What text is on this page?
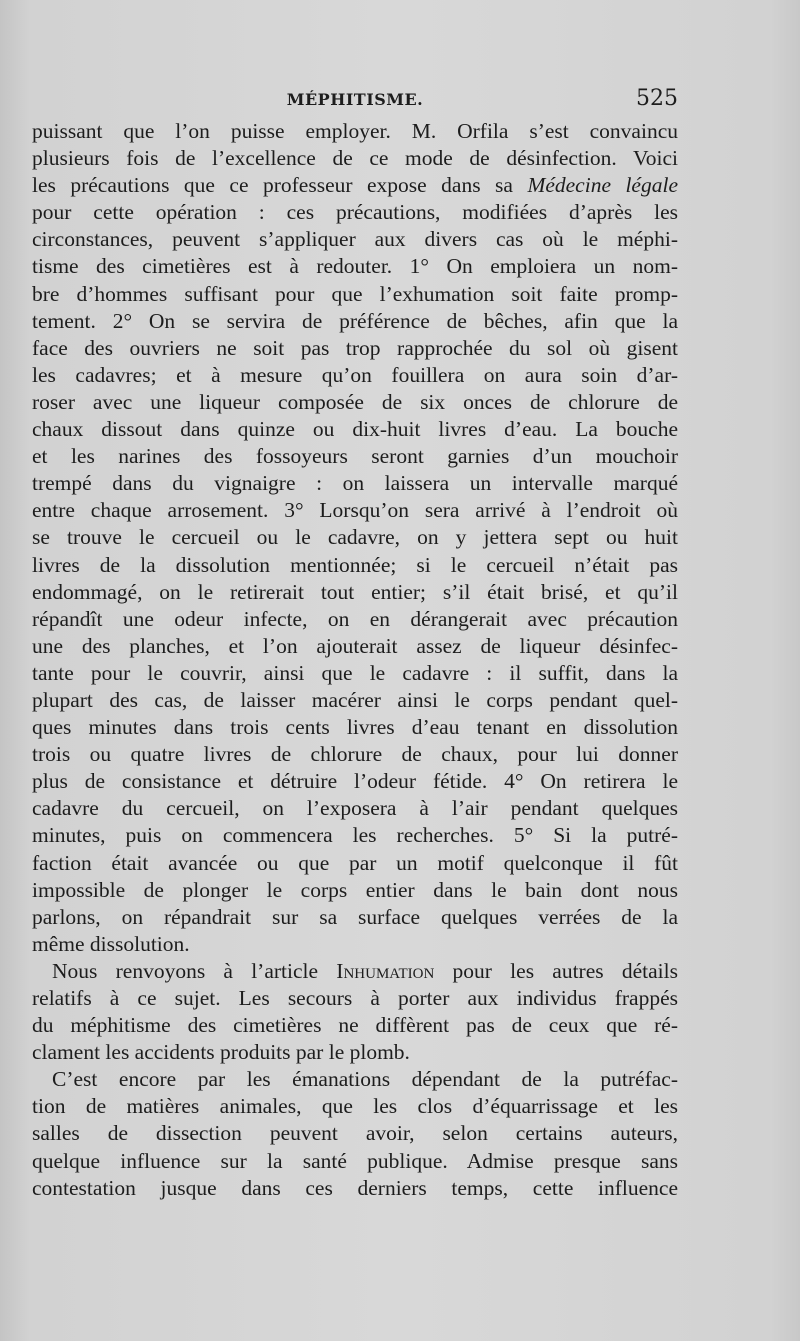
MÉPHITISME.	525
puissant que l’on puisse employer. M. Orfila s’est convaincu
plusieurs fois de l’excellence de ce mode de désinfection. Voici
les précautions que ce professeur expose dans sa Médecine légale
pour cette opération : ces précautions, modifiées d’après les
circonstances, peuvent s’appliquer aux divers cas où le méphi-
tisme des cimetières est à redouter. 1° On emploiera un nom-
bre d’hommes suffisant pour que l’exhumation soit faite promp-
tement. 2° On se servira de préférence de bêches, afin que la
face des ouvriers ne soit pas trop rapprochée du sol où gisent
les cadavres; et à mesure qu’on fouillera on aura soin d’ar-
roser avec une liqueur composée de six onces de chlorure de
chaux dissout dans quinze ou dix-huit livres d’eau. La bouche
et les narines des fossoyeurs seront garnies d’un mouchoir
trempé dans du vignaigre : on laissera un intervalle marqué
entre chaque arrosement. 3° Lorsqu’on sera arrivé à l’endroit où
se trouve le cercueil ou le cadavre, on y jettera sept ou huit
livres de la dissolution mentionnée; si le cercueil n’était pas
endommagé, on le retirerait tout entier; s’il était brisé, et qu’il
répandît une odeur infecte, on en dérangerait avec précaution
une des planches, et l’on ajouterait assez de liqueur désinfec-
tante pour le couvrir, ainsi que le cadavre : il suffit, dans la
plupart des cas, de laisser macérer ainsi le corps pendant quel-
ques minutes dans trois cents livres d’eau tenant en dissolution
trois ou quatre livres de chlorure de chaux, pour lui donner
plus de consistance et détruire l’odeur fétide. 4° On retirera le
cadavre du cercueil, on l’exposera à l’air pendant quelques
minutes, puis on commencera les recherches. 5° Si la putré-
faction était avancée ou que par un motif quelconque il fût
impossible de plonger le corps entier dans le bain dont nous
parlons, on répandrait sur sa surface quelques verrées de la
même dissolution.
Nous renvoyons à l’article Inhumation pour les autres détails
relatifs à ce sujet. Les secours à porter aux individus frappés
du méphitisme des cimetières ne diffèrent pas de ceux que ré-
clament les accidents produits par le plomb.
C’est encore par les émanations dépendant de la putréfac-
tion de matières animales, que les clos d’équarrissage et les
salles de dissection peuvent avoir, selon certains auteurs,
quelque influence sur la santé publique. Admise presque sans
contestation jusque dans ces derniers temps, cette influence
